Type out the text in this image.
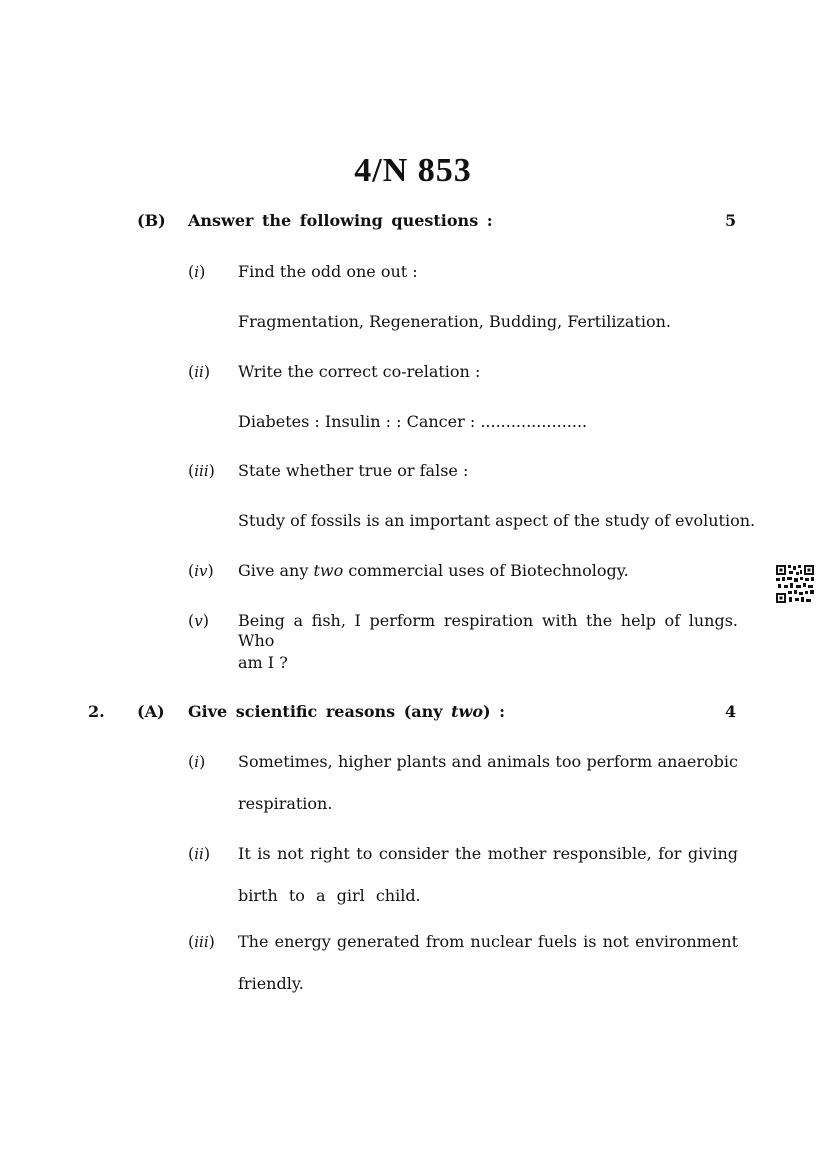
4/N 853
(B) Answer the following questions :	5
(i) Find the odd one out :
Fragmentation, Regeneration, Budding, Fertilization.
(ii) Write the correct co-relation :
Diabetes : Insulin : : Cancer : .....................
(iii) State whether true or false :
Study of fossils is an important aspect of the study of evolution.
(iv) Give any two commercial uses of Biotechnology.
(v) Being a fish, I perform respiration with the help of lungs. Who
am I ?
2. (A) Give scientific reasons (any two) :	4
(i) Sometimes, higher plants and animals too perform anaerobic
respiration.
(ii) It is not right to consider the mother responsible, for giving
birth to a girl child.
(iii) The energy generated from nuclear fuels is not environment
friendly.
